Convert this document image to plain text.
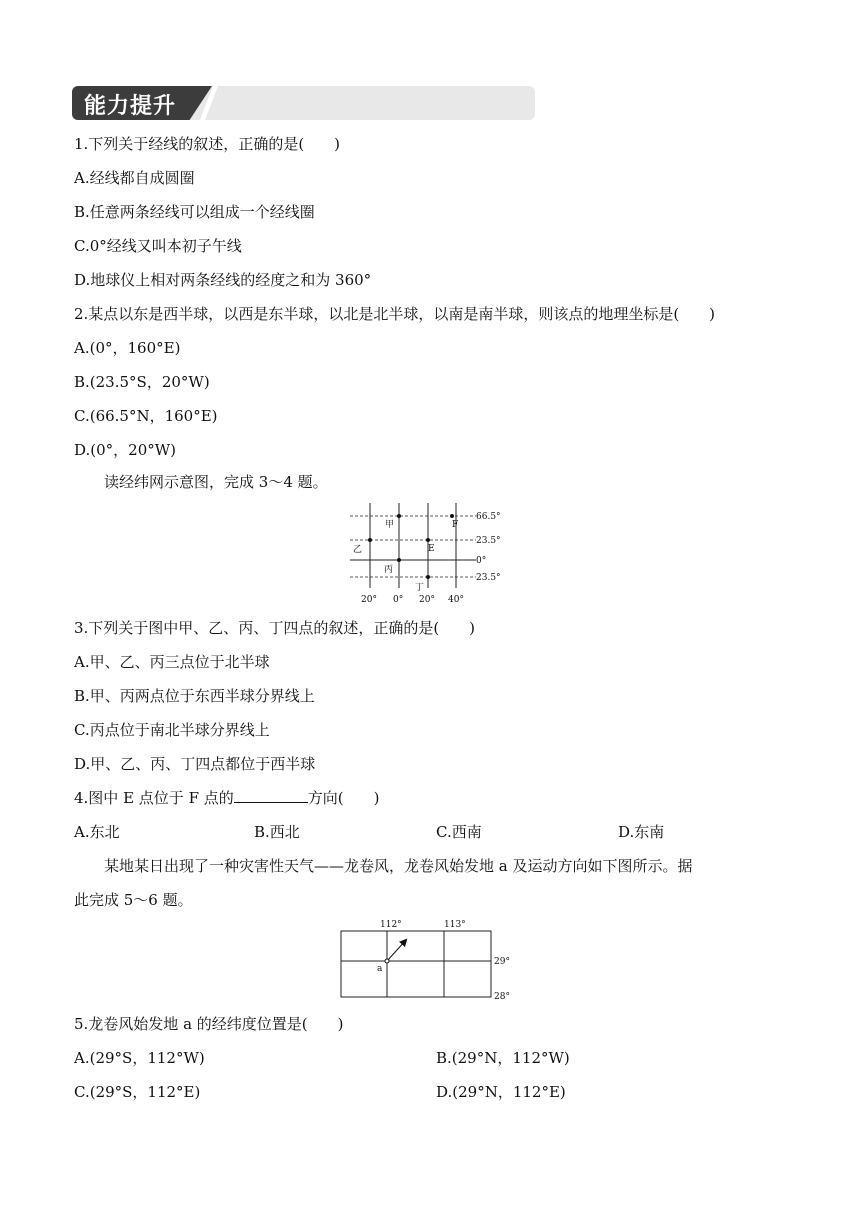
能力提升
1.下列关于经线的叙述，正确的是(　　)
A.经线都自成圆圈
B.任意两条经线可以组成一个经线圈
C.0°经线又叫本初子午线
D.地球仪上相对两条经线的经度之和为 360°
2.某点以东是西半球，以西是东半球，以北是北半球，以南是南半球，则该点的地理坐标是(　　)
A.(0°，160°E)
B.(23.5°S，20°W)
C.(66.5°N，160°E)
D.(0°，20°W)
读经纬网示意图，完成 3～4 题。
66.5°
23.5°
0°
23.5°
20° 0° 20° 40°
甲
乙
丙
丁
E
F
3.下列关于图中甲、乙、丙、丁四点的叙述，正确的是(　　)
A.甲、乙、丙三点位于北半球
B.甲、丙两点位于东西半球分界线上
C.丙点位于南北半球分界线上
D.甲、乙、丙、丁四点都位于西半球
4.图中 E 点位于 F 点的	方向(　　)
A.东北	B.西北	C.西南	D.东南
某地某日出现了一种灾害性天气——龙卷风，龙卷风始发地 a 及运动方向如下图所示。据
此完成 5～6 题。
112°	113°
29°
28°
a
5.龙卷风始发地 a 的经纬度位置是(　　)
A.(29°S，112°W)	B.(29°N，112°W)
C.(29°S，112°E)	D.(29°N，112°E)
